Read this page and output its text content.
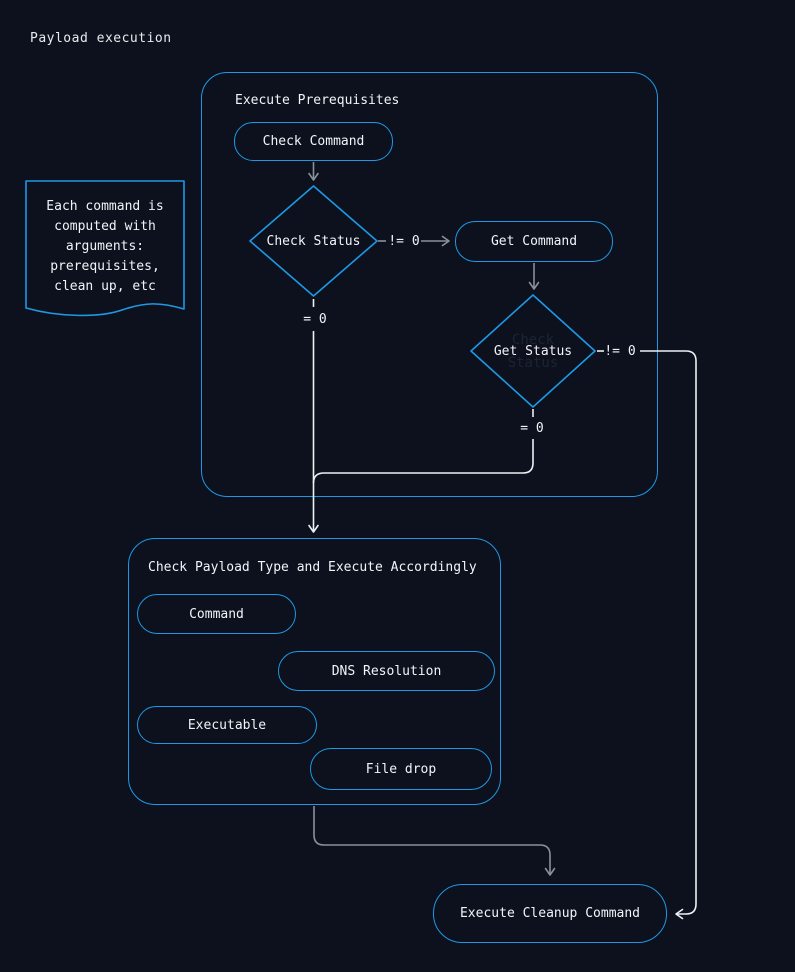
Payload execution
Execute Prerequisites
Check Payload Type and Execute Accordingly
Check Status
Check Command
Get Command
Command
DNS Resolution
Executable
File drop
Execute Cleanup Command
Check Status
Get Status
!= 0
= 0
!= 0
= 0

Each command is computed with arguments: prerequisites, clean up, etc
